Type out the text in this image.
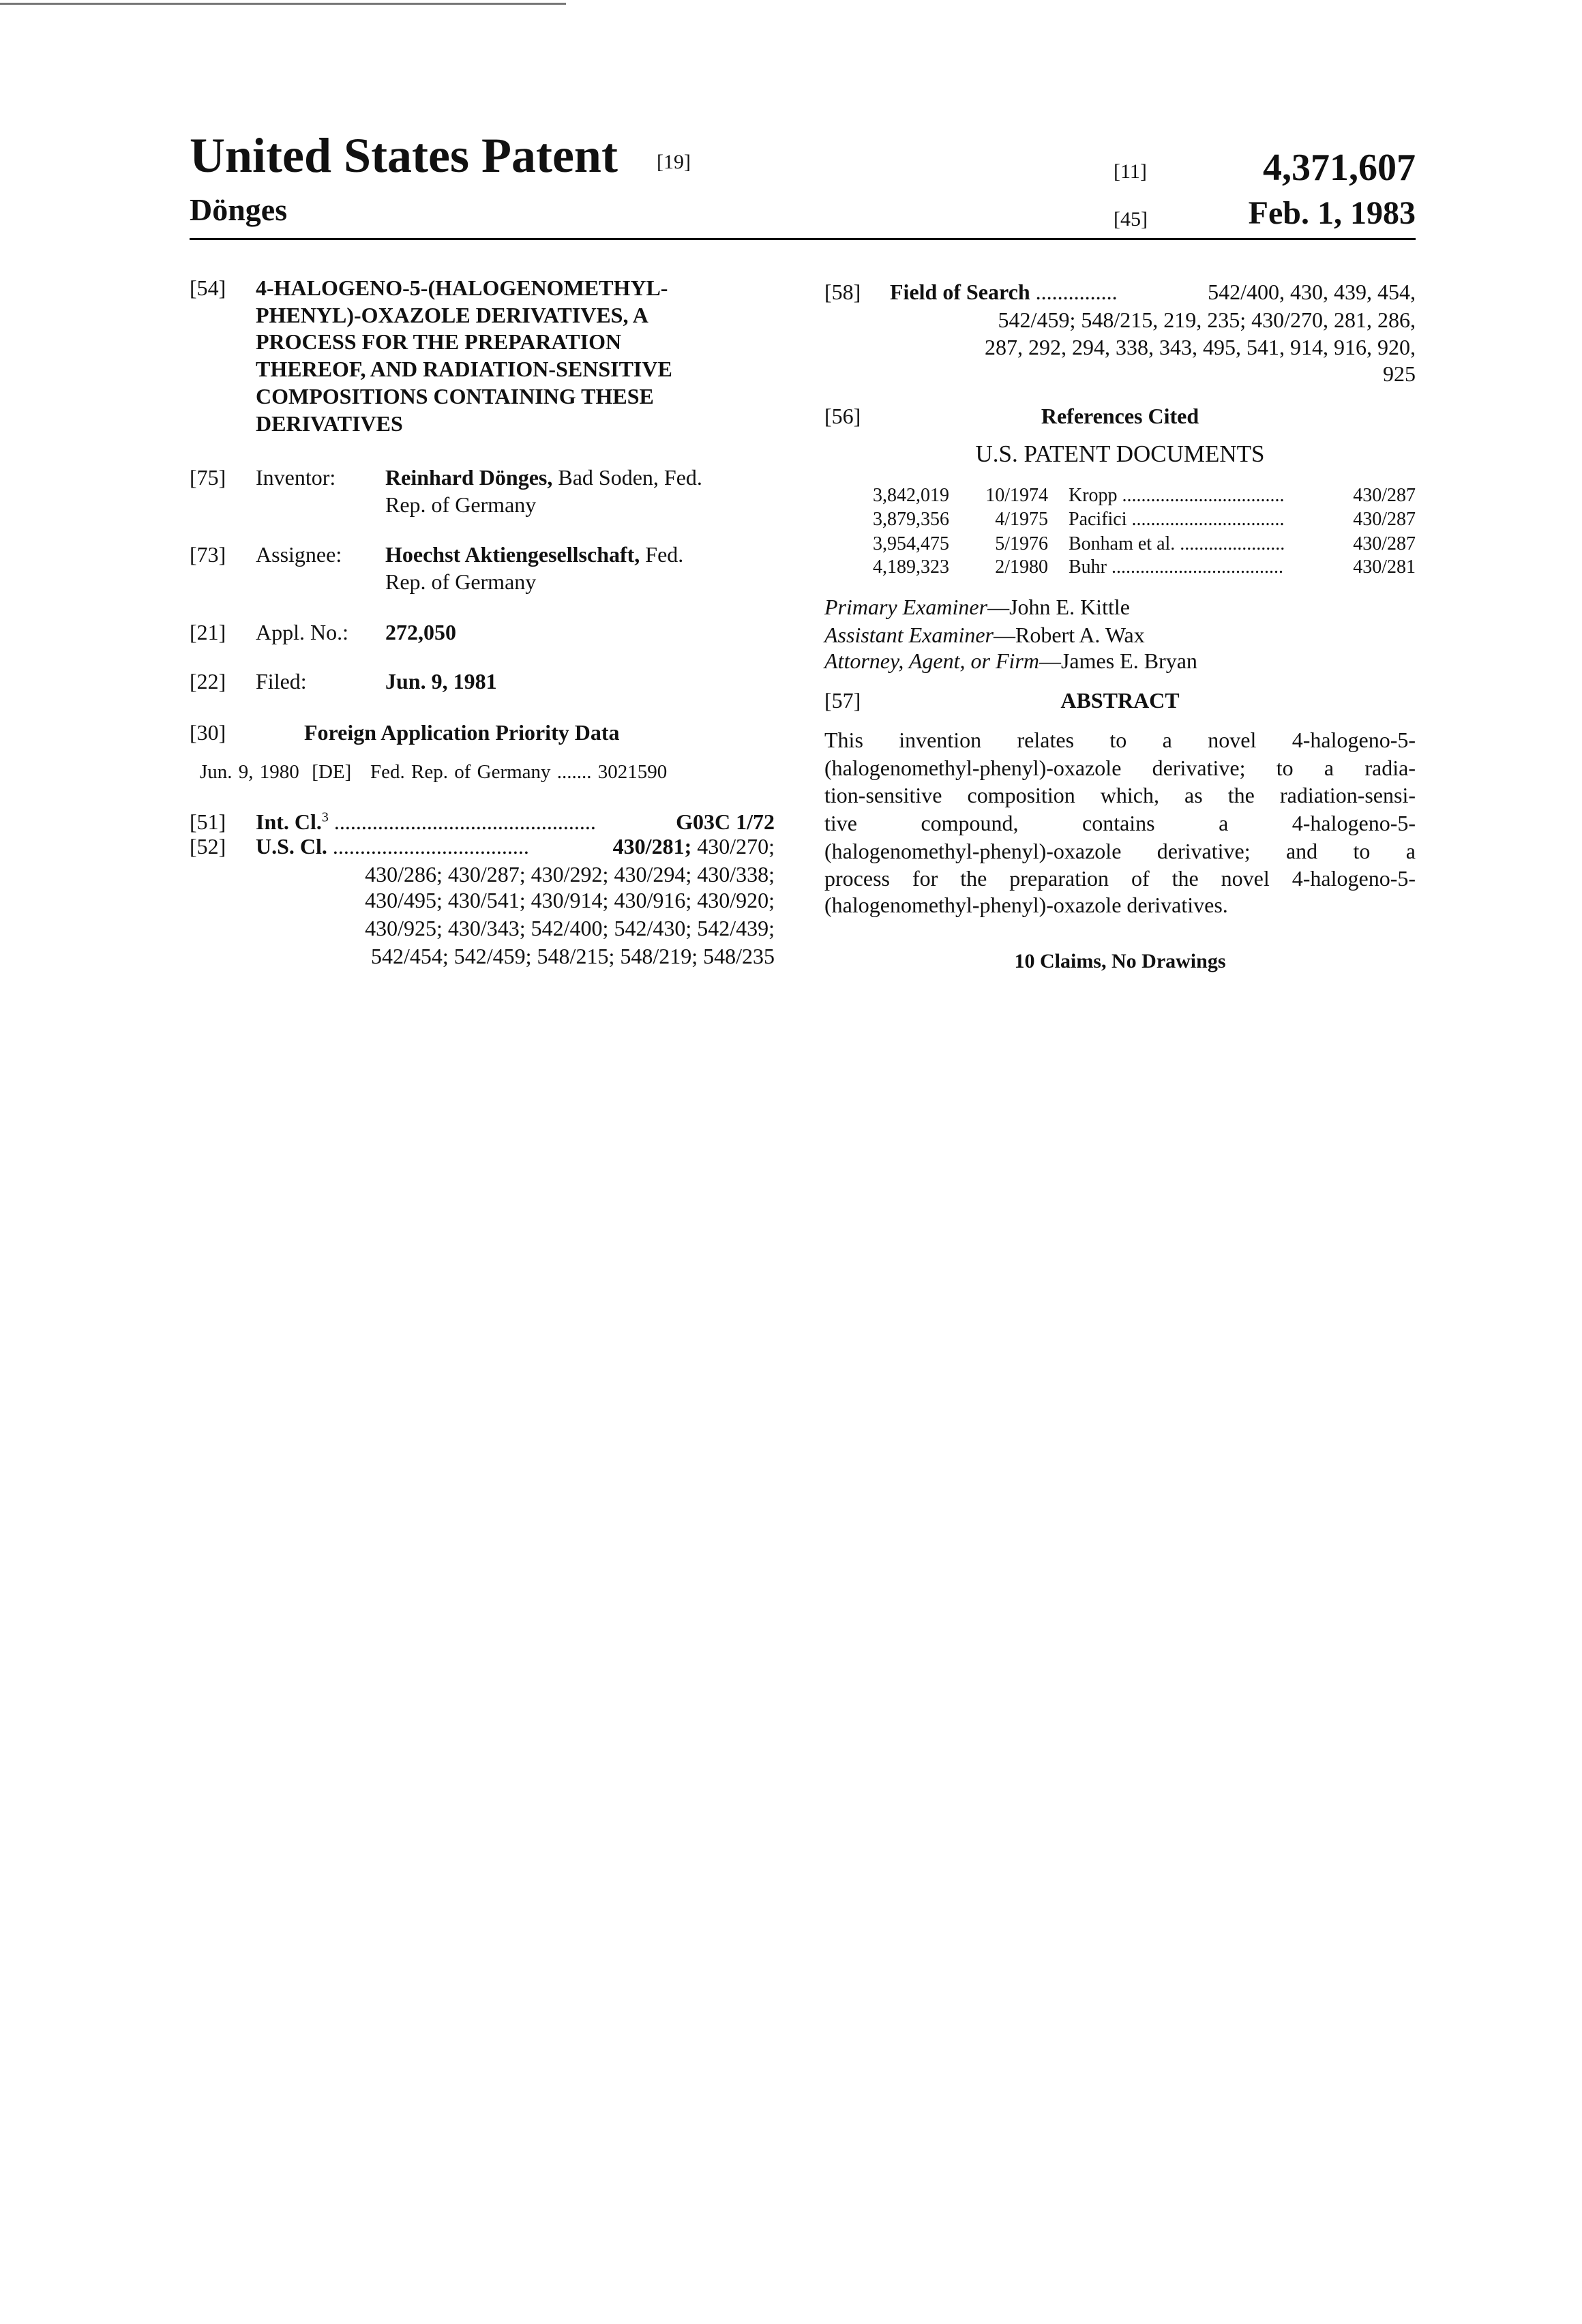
United States Patent [19]
Dönges
[11]	4,371,607
[45]	Feb. 1, 1983
[54] 4-HALOGENO-5-(HALOGENOMETHYL-
PHENYL)-OXAZOLE DERIVATIVES, A
PROCESS FOR THE PREPARATION
THEREOF, AND RADIATION-SENSITIVE
COMPOSITIONS CONTAINING THESE
DERIVATIVES
[75] Inventor: Reinhard Dönges, Bad Soden, Fed.
Rep. of Germany
[73] Assignee: Hoechst Aktiengesellschaft, Fed.
Rep. of Germany
[21] Appl. No.: 272,050
[22] Filed:	Jun. 9, 1981
[30]	Foreign Application Priority Data
Jun. 9, 1980 [DE] Fed. Rep. of Germany ....... 3021590
[51] Int. Cl.3 ................................................	G03C 1/72
[52] U.S. Cl. ....................................	430/281; 430/270;
430/286; 430/287; 430/292; 430/294; 430/338;
430/495; 430/541; 430/914; 430/916; 430/920;
430/925; 430/343; 542/400; 542/430; 542/439;
542/454; 542/459; 548/215; 548/219; 548/235
[58] Field of Search ...............	542/400, 430, 439, 454,
542/459; 548/215, 219, 235; 430/270, 281, 286,
287, 292, 294, 338, 343, 495, 541, 914, 916, 920,
925
[56]	References Cited
U.S. PATENT DOCUMENTS
3,842,019	10/1974 Kropp ..................................	430/287
3,879,356	4/1975 Pacifici ................................	430/287
3,954,475	5/1976 Bonham et al. ......................	430/287
4,189,323	2/1980 Buhr ....................................	430/281
Primary Examiner—John E. Kittle
Assistant Examiner—Robert A. Wax
Attorney, Agent, or Firm—James E. Bryan
[57]	ABSTRACT
This invention relates to a novel 4-halogeno-5-
(halogenomethyl-phenyl)-oxazole derivative; to a radia-
tion-sensitive composition which, as the radiation-sensi-
tive compound, contains a 4-halogeno-5-
(halogenomethyl-phenyl)-oxazole derivative; and to a
process for the preparation of the novel 4-halogeno-5-
(halogenomethyl-phenyl)-oxazole derivatives.
10 Claims, No Drawings
